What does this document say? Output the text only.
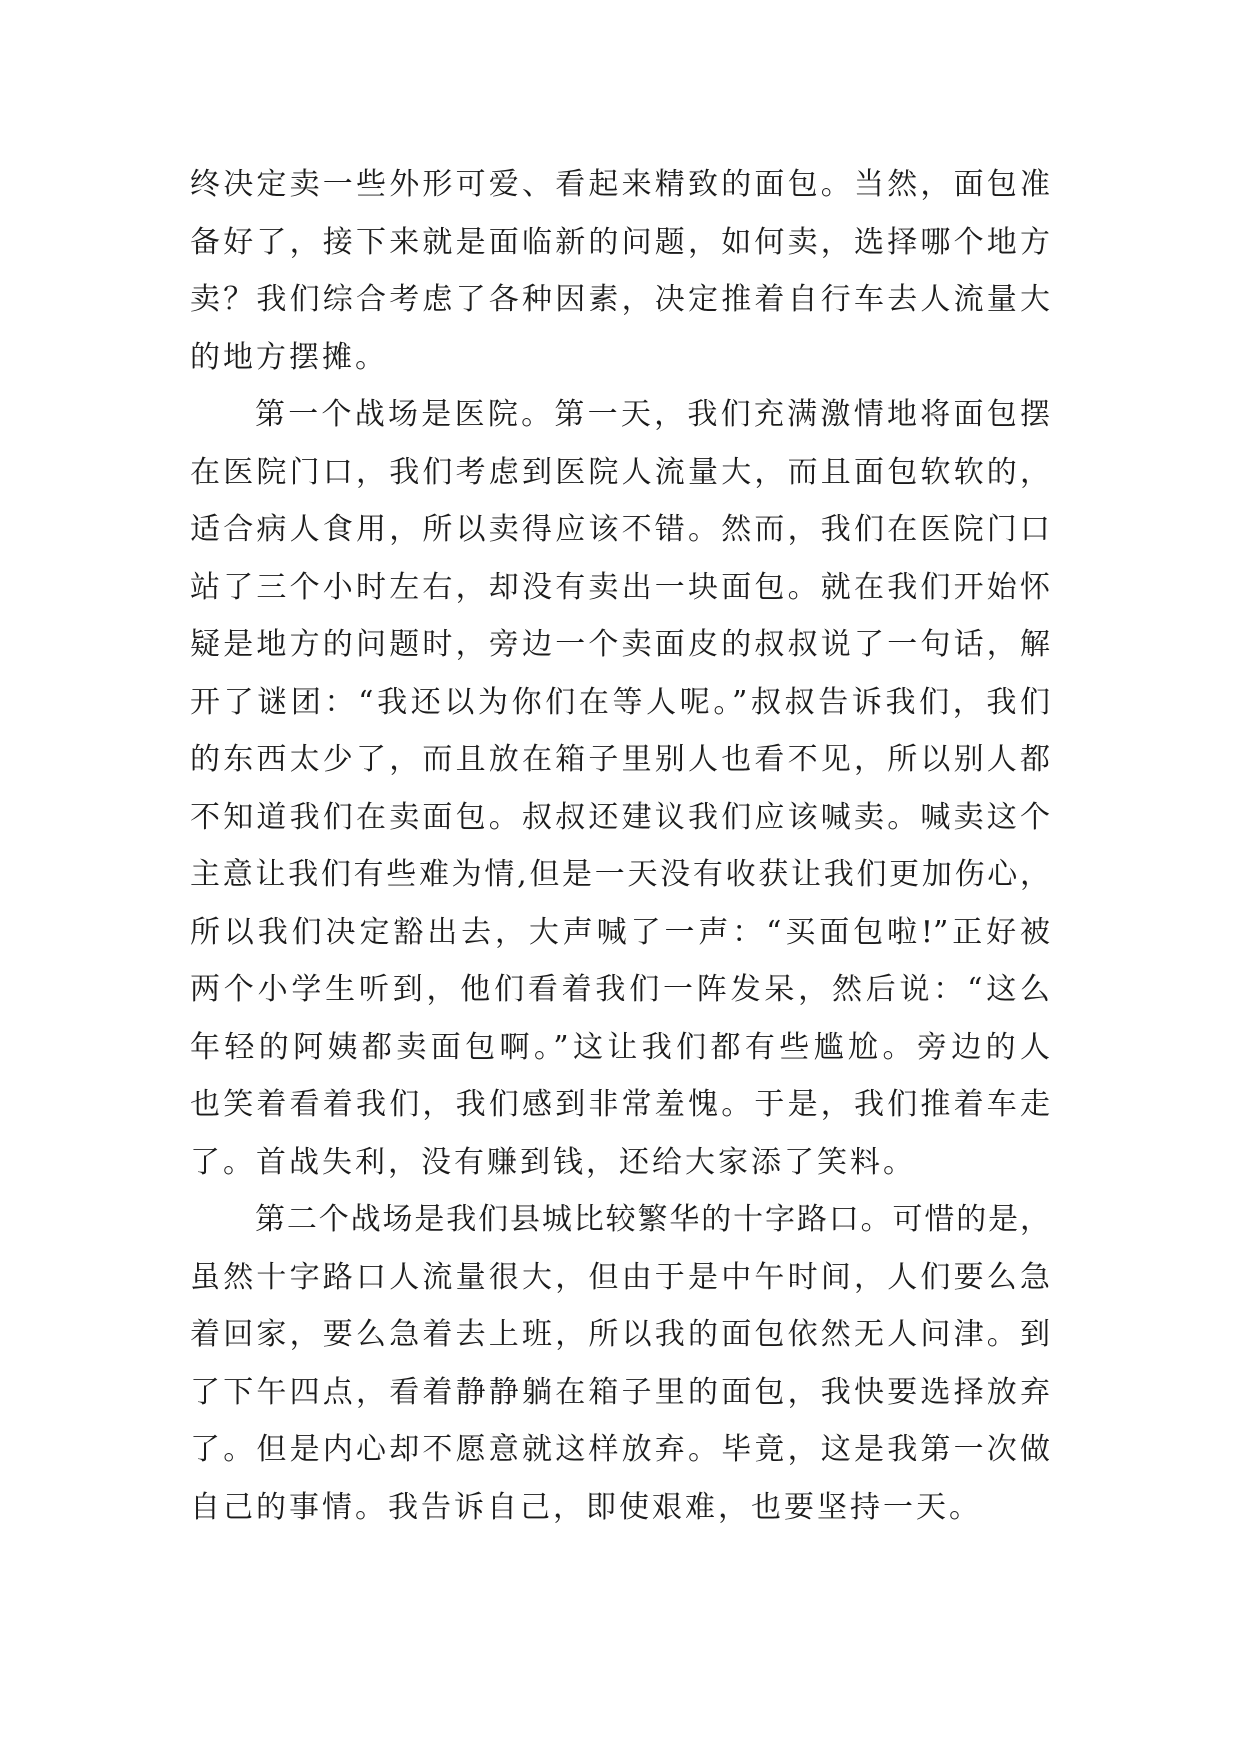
终决定卖一些外形可爱、看起来精致的面包。当然，面包准
备好了，接下来就是面临新的问题，如何卖，选择哪个地方
卖？我们综合考虑了各种因素，决定推着自行车去人流量大
的地方摆摊。
第一个战场是医院。第一天，我们充满激情地将面包摆
在医院门口，我们考虑到医院人流量大，而且面包软软的，
适合病人食用，所以卖得应该不错。然而，我们在医院门口
站了三个小时左右，却没有卖出一块面包。就在我们开始怀
疑是地方的问题时，旁边一个卖面皮的叔叔说了一句话，解
开了谜团：“我还以为你们在等人呢。”叔叔告诉我们，我们
的东西太少了，而且放在箱子里别人也看不见，所以别人都
不知道我们在卖面包。叔叔还建议我们应该喊卖。喊卖这个
主意让我们有些难为情,但是一天没有收获让我们更加伤心，
所以我们决定豁出去，大声喊了一声：“买面包啦!”正好被
两个小学生听到，他们看着我们一阵发呆，然后说：“这么
年轻的阿姨都卖面包啊。”这让我们都有些尴尬。旁边的人
也笑着看着我们，我们感到非常羞愧。于是，我们推着车走
了。首战失利，没有赚到钱，还给大家添了笑料。
第二个战场是我们县城比较繁华的十字路口。可惜的是，
虽然十字路口人流量很大，但由于是中午时间，人们要么急
着回家，要么急着去上班，所以我的面包依然无人问津。到
了下午四点，看着静静躺在箱子里的面包，我快要选择放弃
了。但是内心却不愿意就这样放弃。毕竟，这是我第一次做
自己的事情。我告诉自己，即使艰难，也要坚持一天。
